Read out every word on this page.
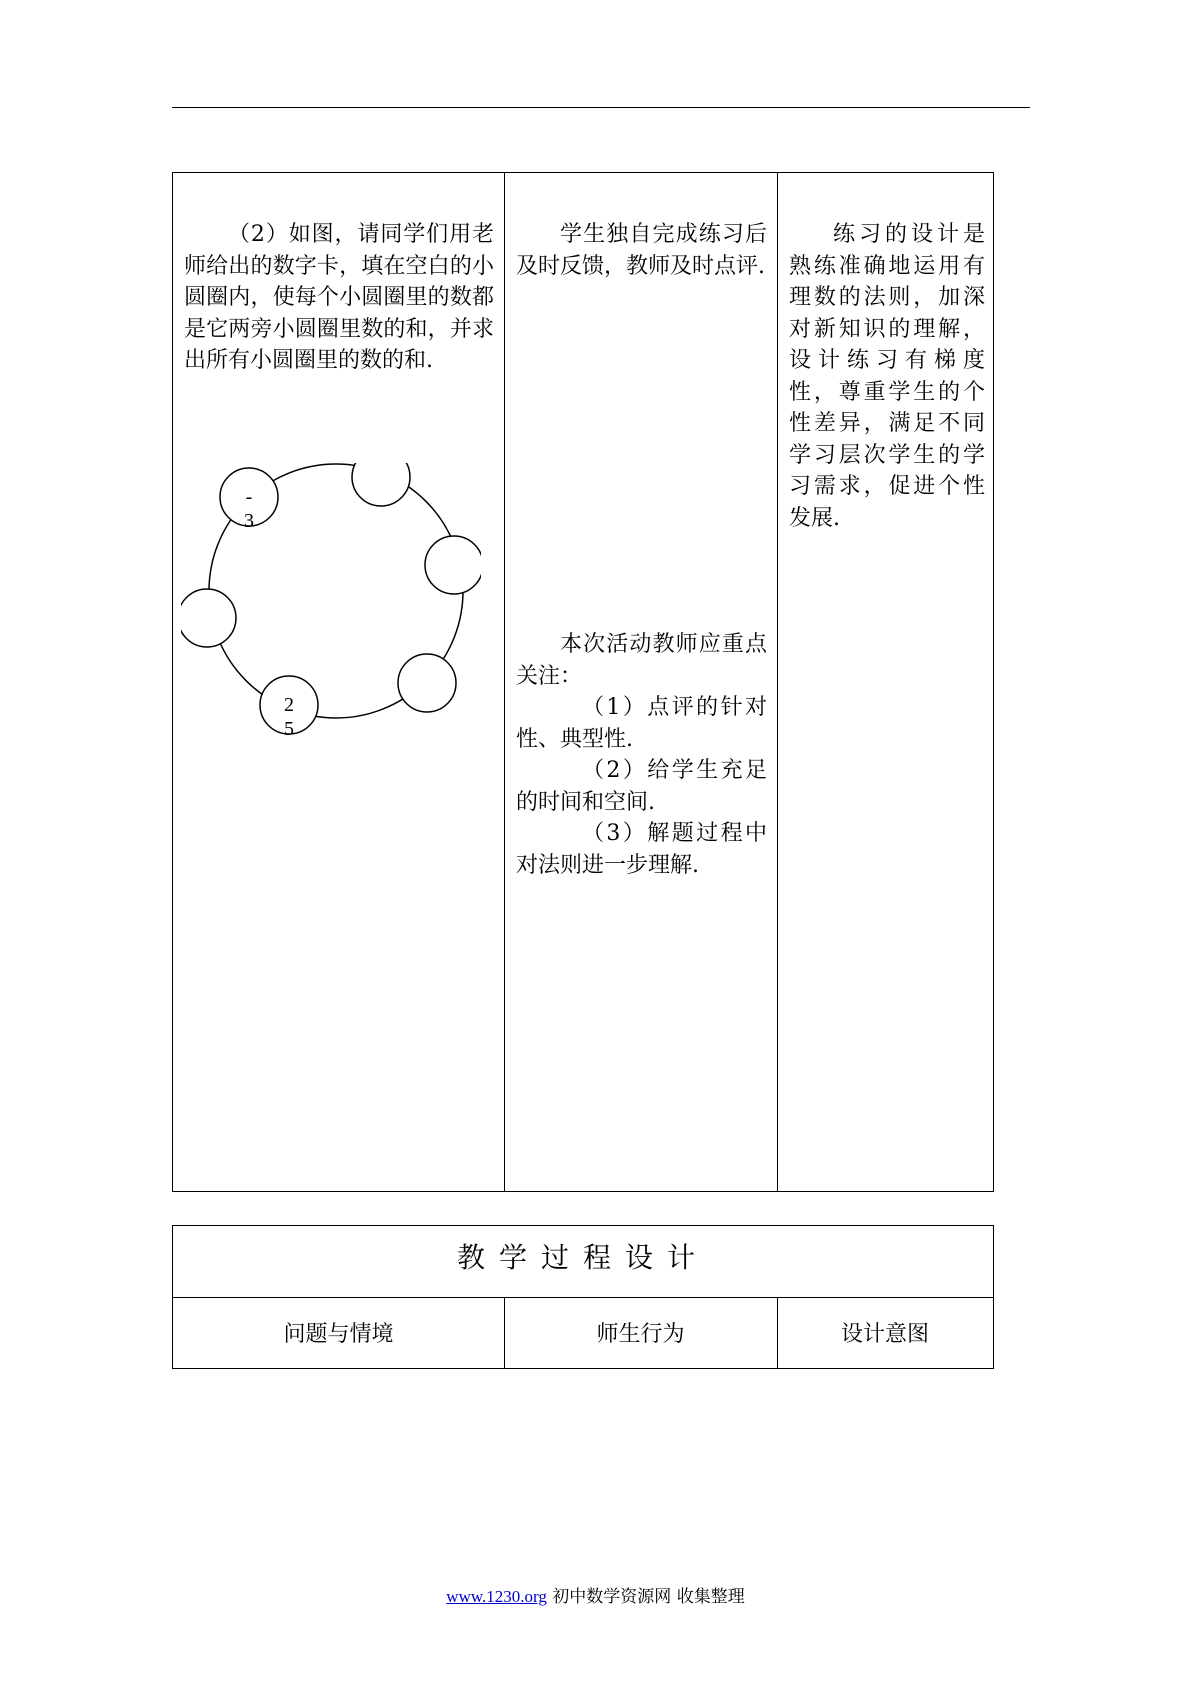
（2）如图，请同学们用老师给出的数字卡，填在空白的小圆圈内，使每个小圆圈里的数都是它两旁小圆圈里数的和，并求出所有小圆圈里的数的和.

-
3
2
5

学生独自完成练习后及时反馈，教师及时点评.

本次活动教师应重点关注：

（1）点评的针对性、典型性.

（2）给学生充足的时间和空间.

（3）解题过程中对法则进一步理解.

练习的设计是熟练准确地运用有理数的法则，加深对新知识的理解，设计练习有梯度性，尊重学生的个性差异，满足不同学习层次学生的学习需求，促进个性发展.

教学过程设计
问题与情境	师生行为	设计意图
www.1230.org 初中数学资源网 收集整理
